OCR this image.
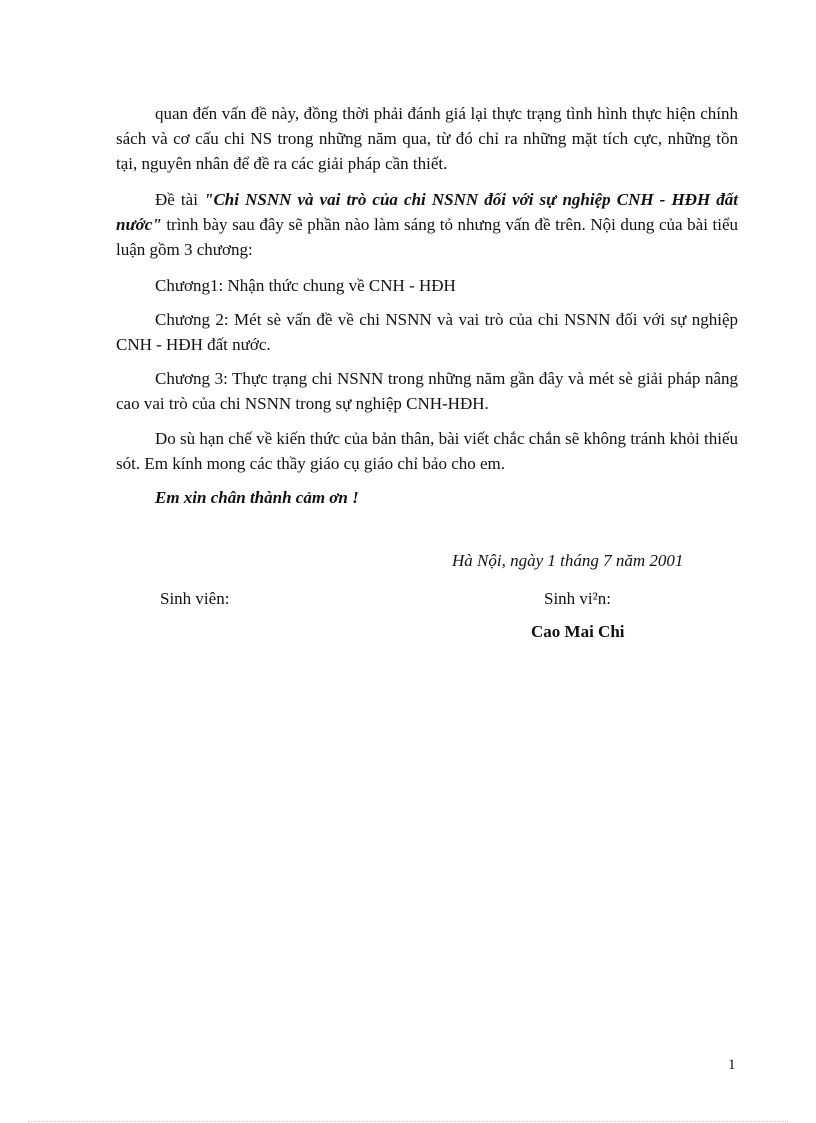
quan đến vấn đề này, đồng thời phải đánh giá lại thực trạng tình hình thực hiện chính sách và cơ cấu chi NS trong những năm qua, từ đó chỉ ra những mặt tích cực, những tồn tại, nguyên nhân để đề ra các giải pháp cần thiết.

Đề tài "Chi NSNN và vai trò của chi NSNN đối với sự nghiệp CNH - HĐH đất nước" trình bày sau đây sẽ phần nào làm sáng tỏ nhưng vấn đề trên. Nội dung của bài tiểu luận gồm 3 chương:

Chương1: Nhận thức chung về CNH - HĐH

Chương 2: Mét sè vấn đề về chi NSNN và vai trò của chi NSNN đối với sự nghiệp CNH - HĐH đất nước.

Chương 3: Thực trạng chi NSNN trong những năm gần đây và mét sè giải pháp nâng cao vai trò của chi NSNN trong sự nghiệp CNH-HĐH.

Do sù hạn chế về kiến thức của bản thân, bài viết chắc chắn sẽ không tránh khỏi thiếu sót. Em kính mong các thầy giáo cụ giáo chỉ bảo cho em.

Em xin chân thành cảm ơn !

Hà Nội, ngày 1 tháng 7 năm 2001
Sinh viên:	Sinh vi²n:
Cao Mai Chi
1
